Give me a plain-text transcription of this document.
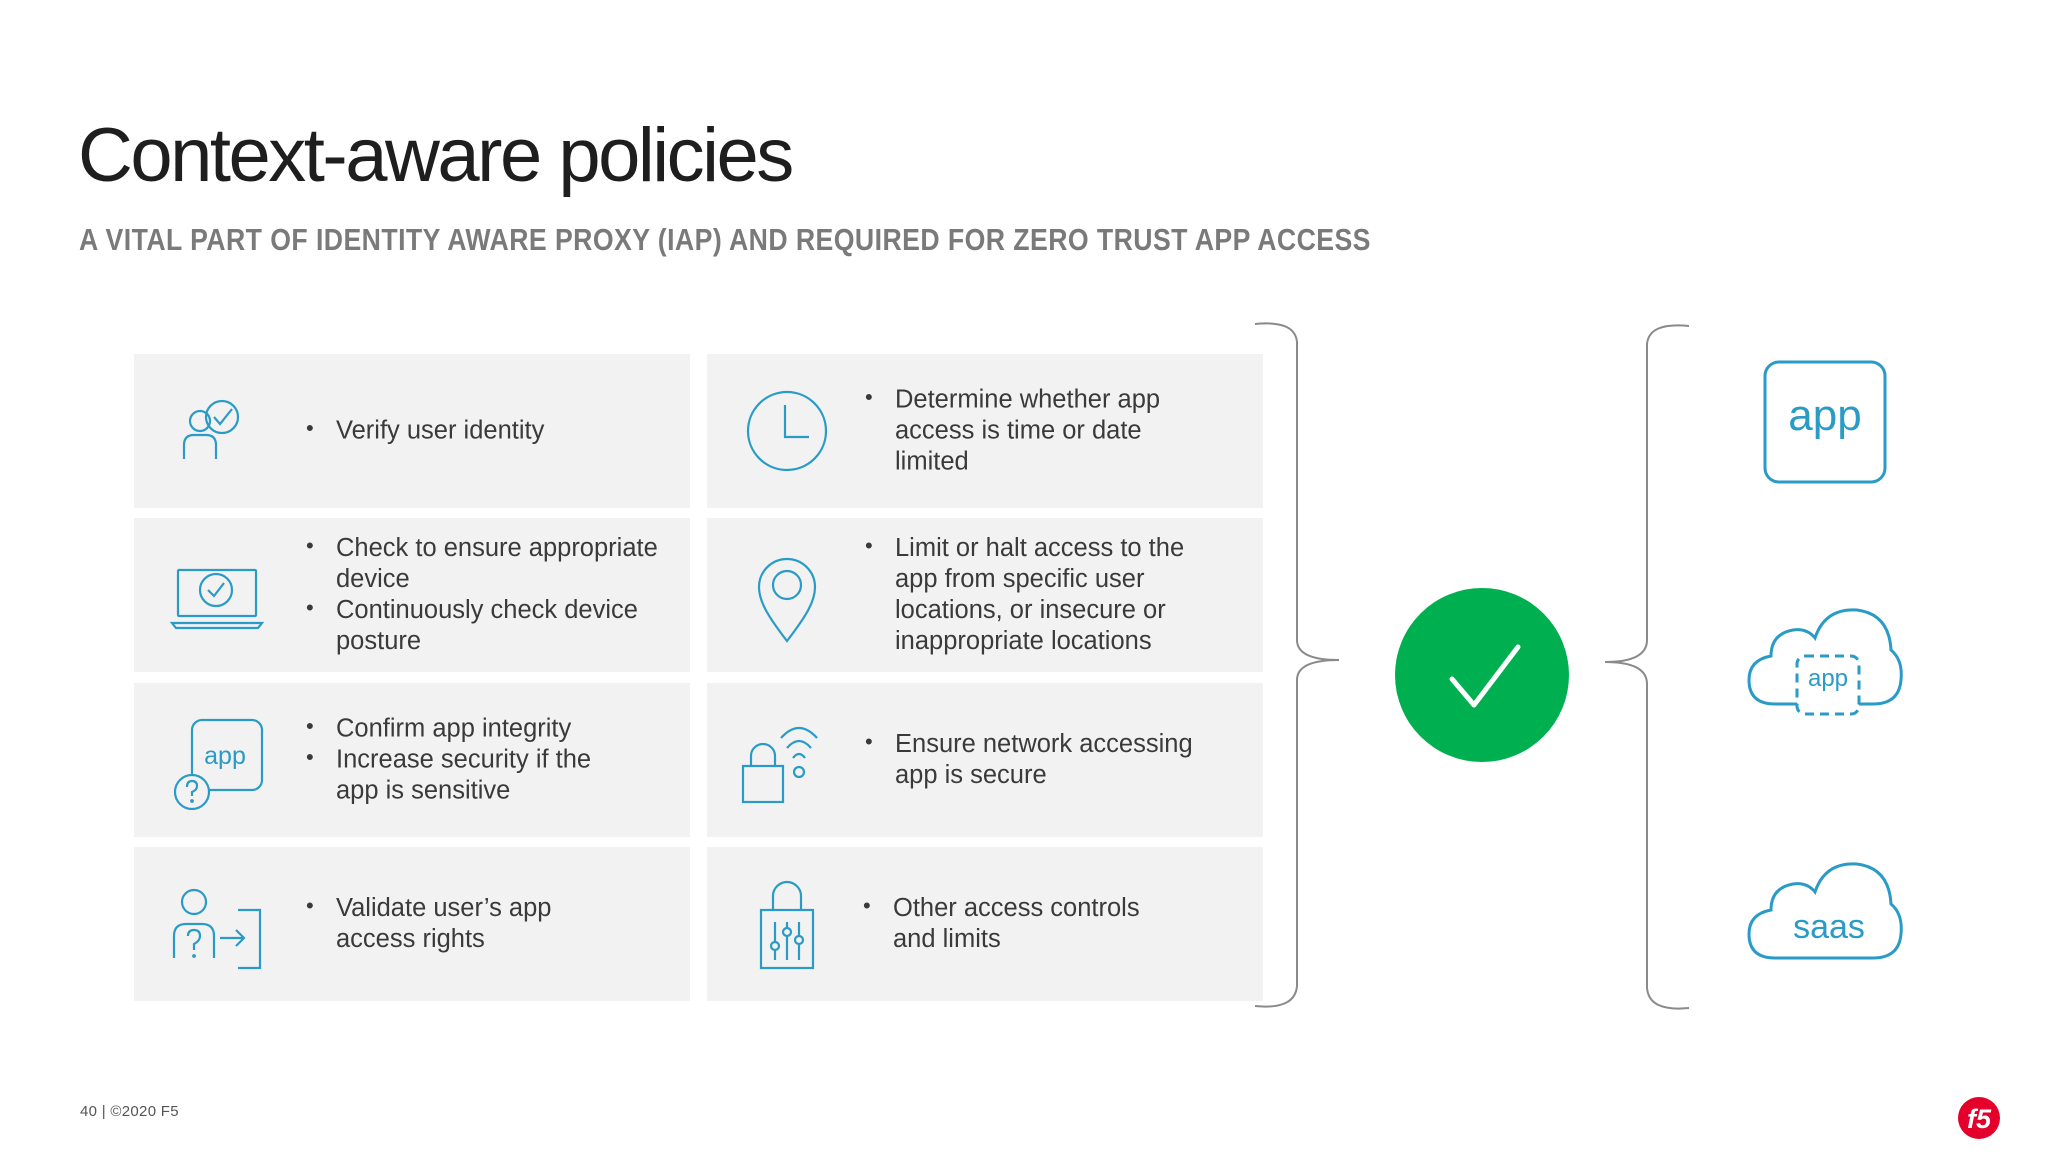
Context-aware policies
A VITAL PART OF IDENTITY AWARE PROXY (IAP) AND REQUIRED FOR ZERO TRUST APP ACCESS
• Verify user identity
• Determine whether app access is time or date limited
• Check to ensure appropriate device
• Continuously check device posture
• Limit or halt access to the app from specific user locations, or insecure or inappropriate locations
app
• Confirm app integrity
• Increase security if the app is sensitive
• Ensure network accessing app is secure
• Validate user’s app access rights
• Other access controls and limits
app
app
saas
40 | ©2020 F5	f5
